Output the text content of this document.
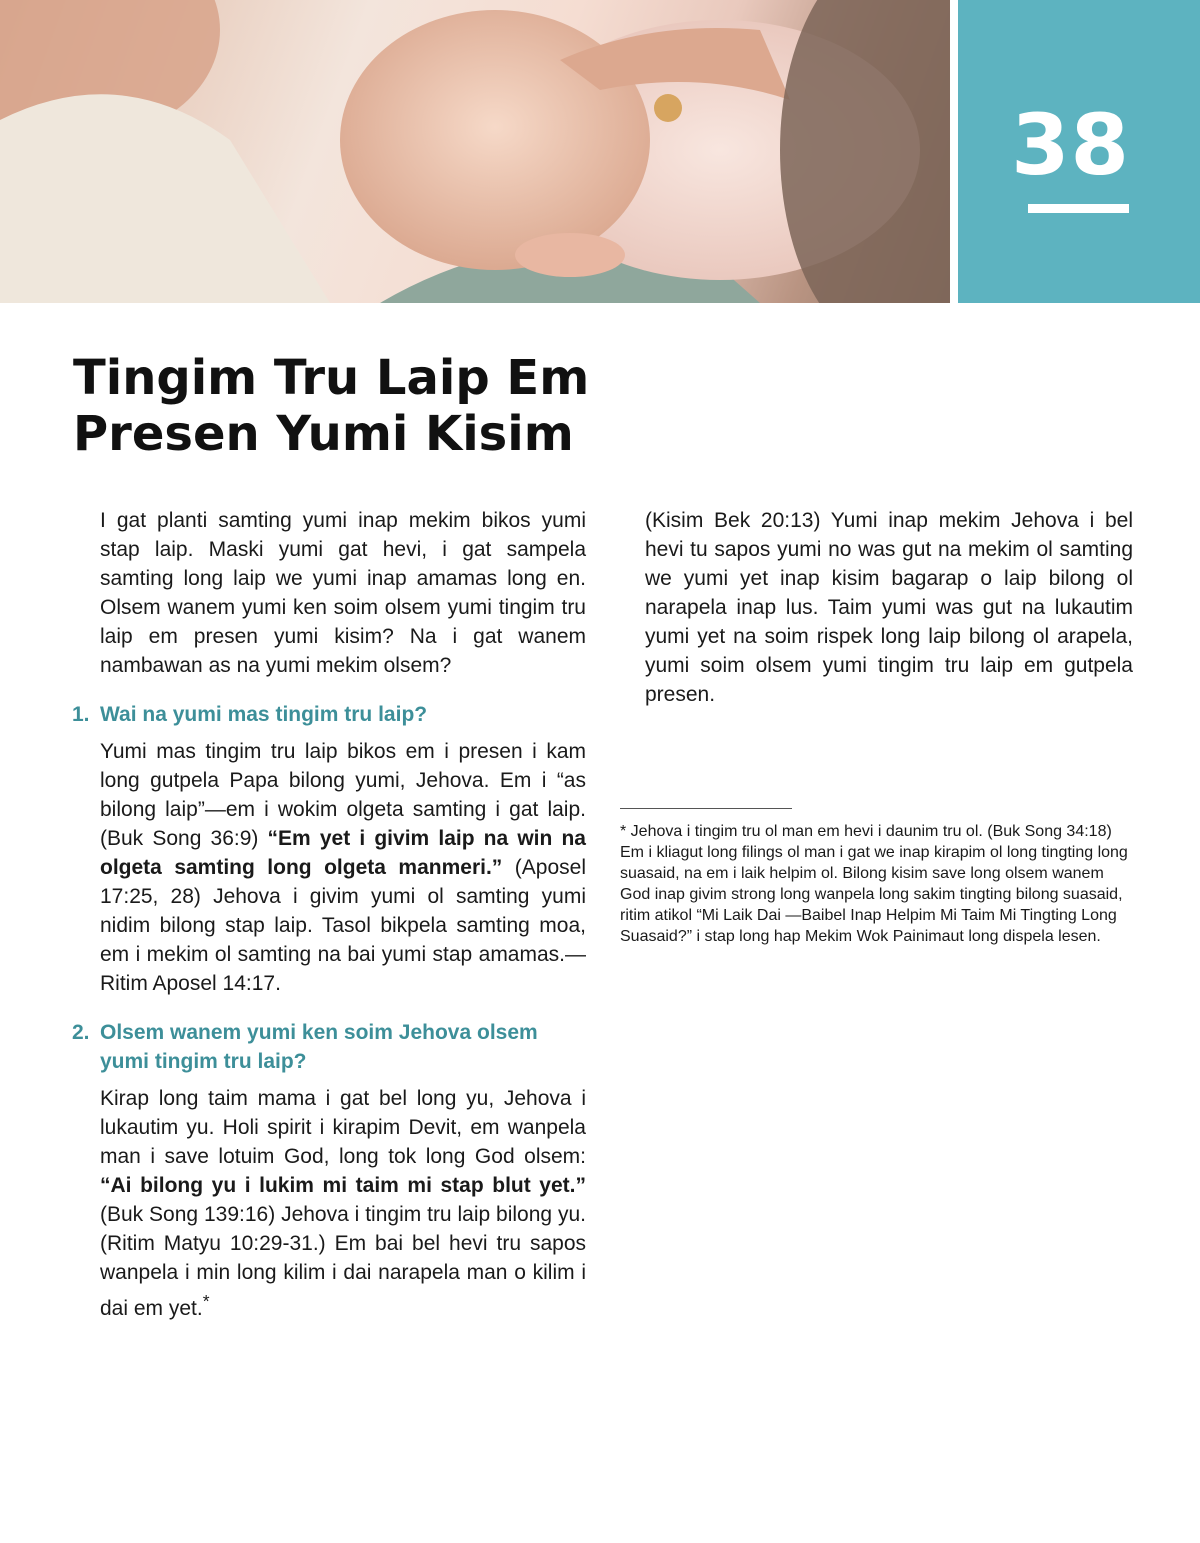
38
Tingim Tru Laip Em Presen Yumi Kisim

I gat planti samting yumi inap mekim bikos yumi stap laip. Maski yumi gat hevi, i gat sampela samting long laip we yumi inap amamas long en. Olsem wanem yumi ken soim olsem yumi tingim tru laip em presen yumi kisim? Na i gat wanem nambawan as na yumi mekim olsem?

1. Wai na yumi mas tingim tru laip?

Yumi mas tingim tru laip bikos em i presen i kam long gutpela Papa bilong yumi, Jehova. Em i “as bilong laip”—em i wokim olgeta samting i gat laip. (Buk Song 36:9) “Em yet i givim laip na win na olgeta samting long olgeta manmeri.” (Aposel 17:25, 28) Jehova i givim yumi ol samting yumi nidim bilong stap laip. Tasol bikpela samting moa, em i mekim ol samting na bai yumi stap amamas.—Ritim Aposel 14:17.

2. Olsem wanem yumi ken soim Jehova olsem yumi tingim tru laip?

Kirap long taim mama i gat bel long yu, Jehova i lukautim yu. Holi spirit i kirapim Devit, em wanpela man i save lotuim God, long tok long God olsem: “Ai bilong yu i lukim mi taim mi stap blut yet.” (Buk Song 139:16) Jehova i tingim tru laip bilong yu. (Ritim Matyu 10:29-31.) Em bai bel hevi tru sapos wanpela i min long kilim i dai narapela man o kilim i dai em yet.*

(Kisim Bek 20:13) Yumi inap mekim Jehova i bel hevi tu sapos yumi no was gut na mekim ol samting we yumi yet inap kisim bagarap o laip bilong ol narapela inap lus. Taim yumi was gut na lukautim yumi yet na soim rispek long laip bilong ol arapela, yumi soim olsem yumi tingim tru laip em gutpela presen.

* Jehova i tingim tru ol man em hevi i daunim tru ol. (Buk Song 34:18) Em i kliagut long filings ol man i gat we inap kirapim ol long tingting long suasaid, na em i laik helpim ol. Bilong kisim save long olsem wanem God inap givim strong long wanpela long sakim tingting bilong suasaid, ritim atikol “Mi Laik Dai —Baibel Inap Helpim Mi Taim Mi Tingting Long Suasaid?” i stap long hap Mekim Wok Painimaut long dispela lesen.
